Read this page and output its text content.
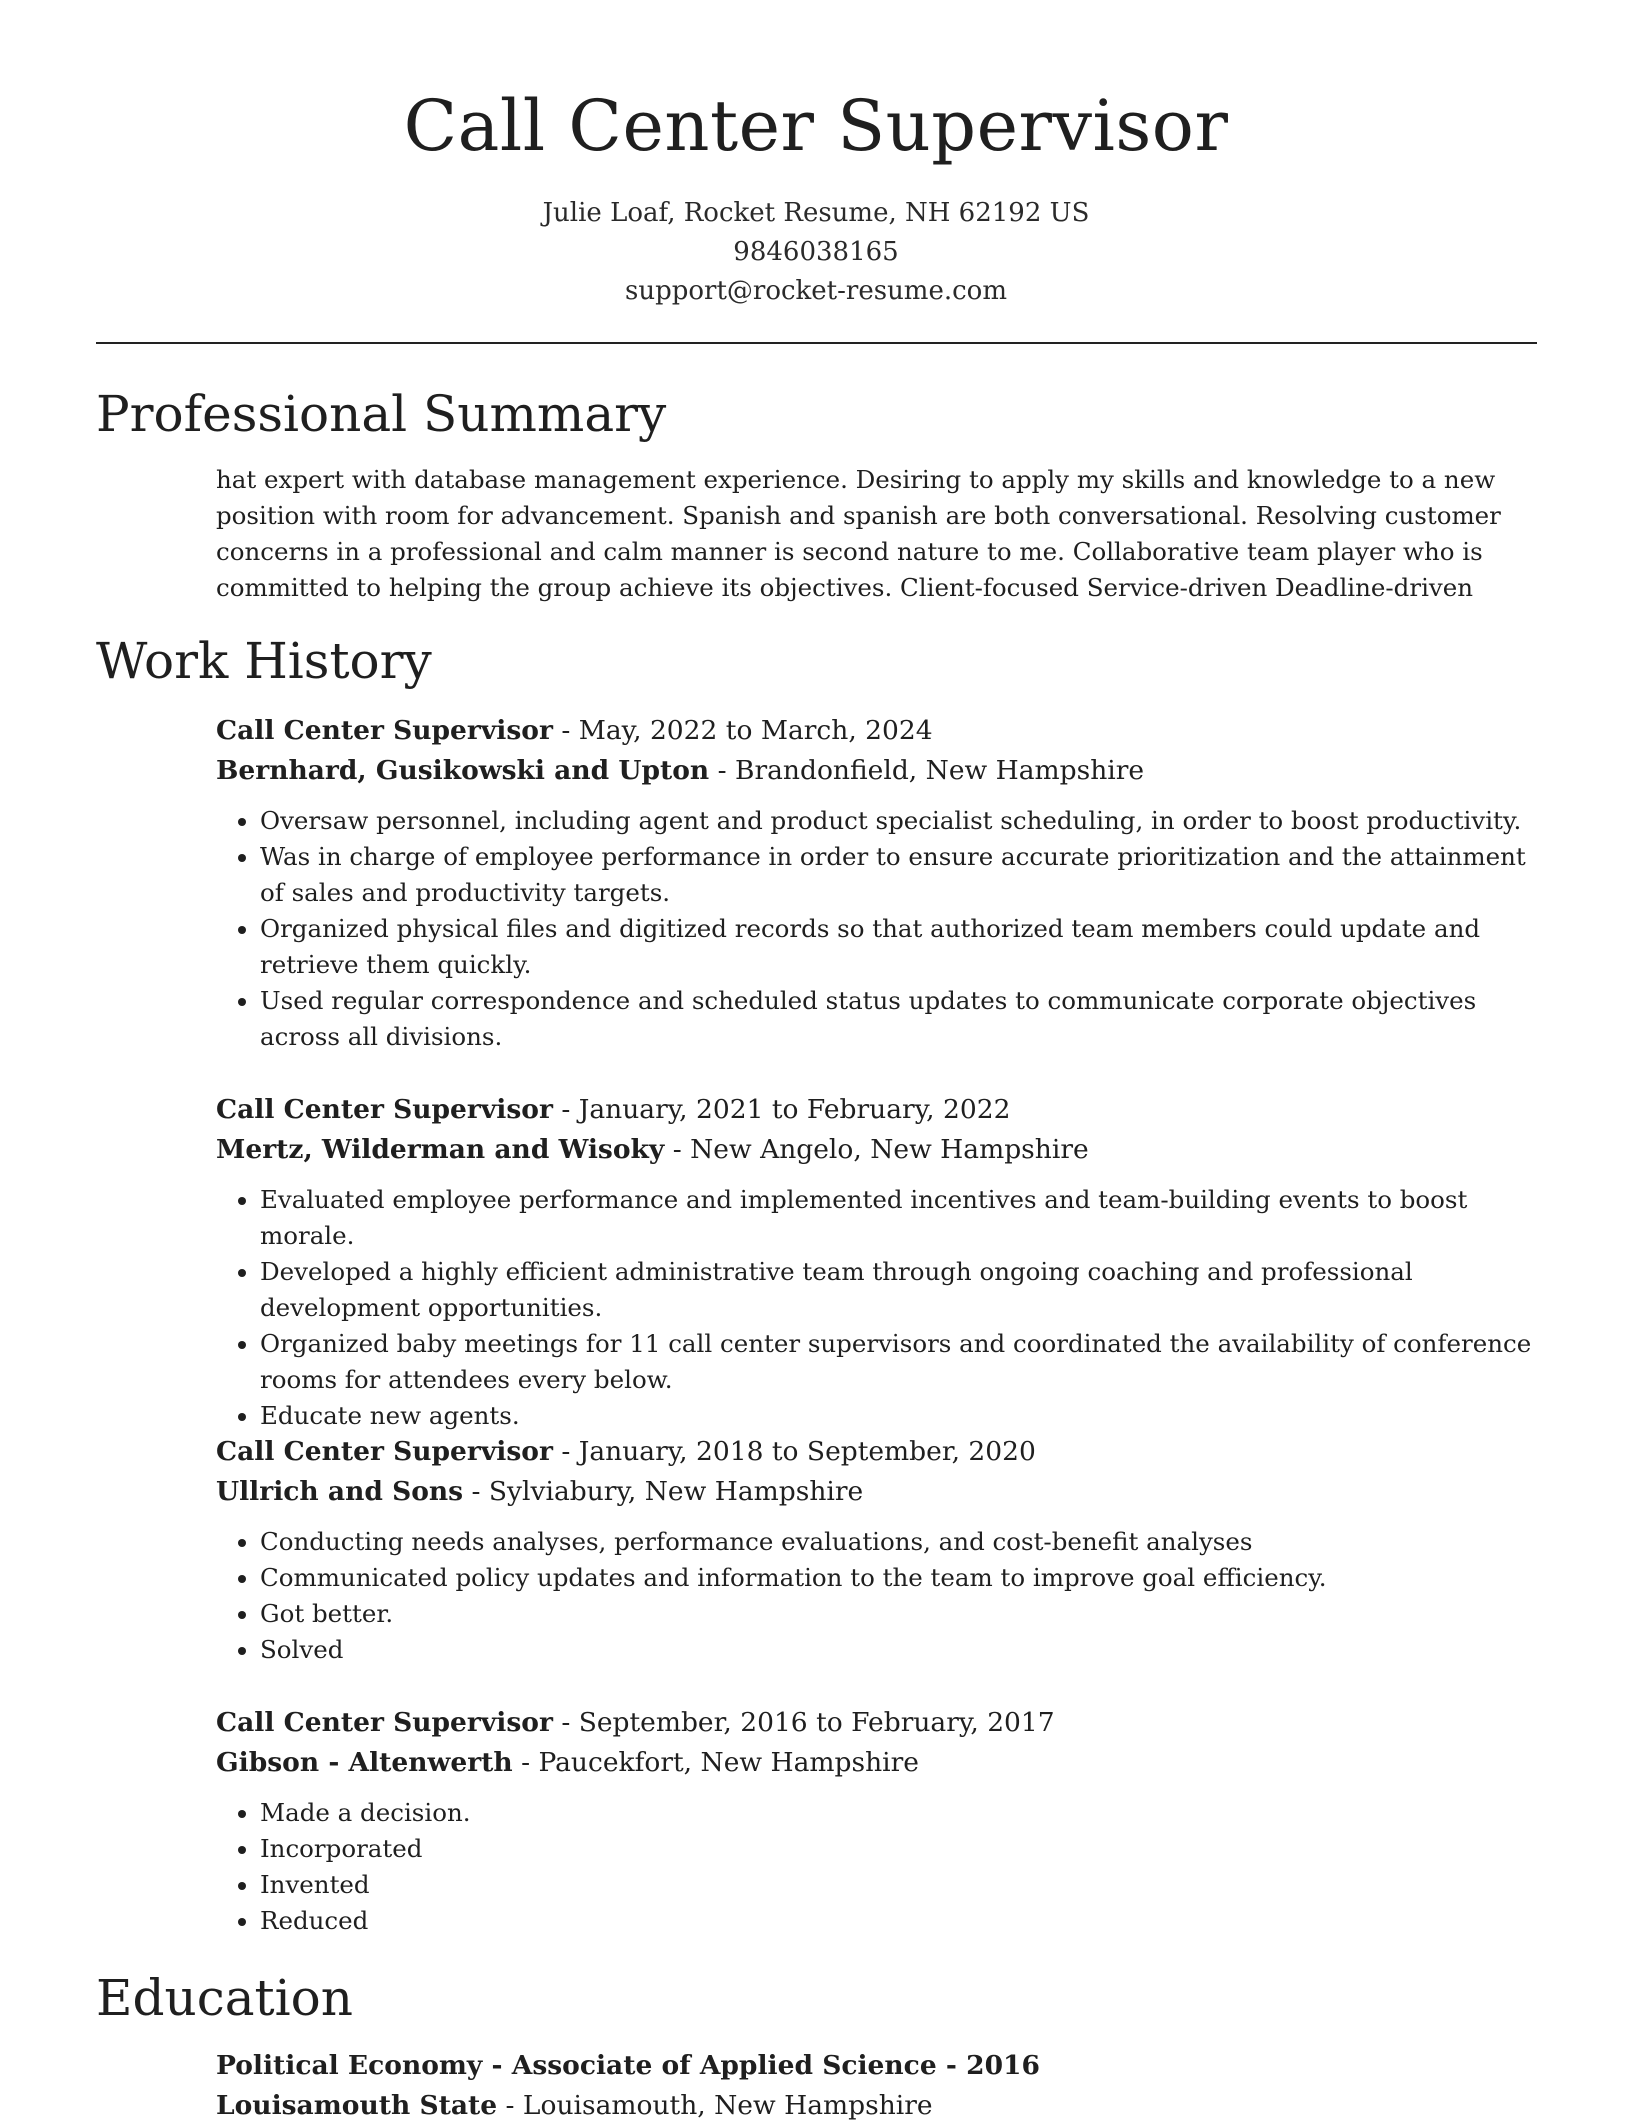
Call Center Supervisor
Julie Loaf, Rocket Resume, NH 62192 US
9846038165
support@rocket-resume.com
Professional Summary

hat expert with database management experience. Desiring to apply my skills and knowledge to a new position with room for advancement. Spanish and spanish are both conversational. Resolving customer concerns in a professional and calm manner is second nature to me. Collaborative team player who is committed to helping the group achieve its objectives. Client-focused Service-driven Deadline-driven

Work History
Call Center Supervisor - May, 2022 to March, 2024
Bernhard, Gusikowski and Upton - Brandonfield, New Hampshire
• Oversaw personnel, including agent and product specialist scheduling, in order to boost productivity.
• Was in charge of employee performance in order to ensure accurate prioritization and the attainment of sales and productivity targets.
• Organized physical files and digitized records so that authorized team members could update and retrieve them quickly.
• Used regular correspondence and scheduled status updates to communicate corporate objectives across all divisions.
Call Center Supervisor - January, 2021 to February, 2022
Mertz, Wilderman and Wisoky - New Angelo, New Hampshire
• Evaluated employee performance and implemented incentives and team-building events to boost morale.
• Developed a highly efficient administrative team through ongoing coaching and professional development opportunities.
• Organized baby meetings for 11 call center supervisors and coordinated the availability of conference rooms for attendees every below.
• Educate new agents.
Call Center Supervisor - January, 2018 to September, 2020
Ullrich and Sons - Sylviabury, New Hampshire
• Conducting needs analyses, performance evaluations, and cost-benefit analyses
• Communicated policy updates and information to the team to improve goal efficiency.
• Got better.
• Solved
Call Center Supervisor - September, 2016 to February, 2017
Gibson - Altenwerth - Paucekfort, New Hampshire
• Made a decision.
• Incorporated
• Invented
• Reduced
Education
Political Economy - Associate of Applied Science - 2016
Louisamouth State - Louisamouth, New Hampshire
